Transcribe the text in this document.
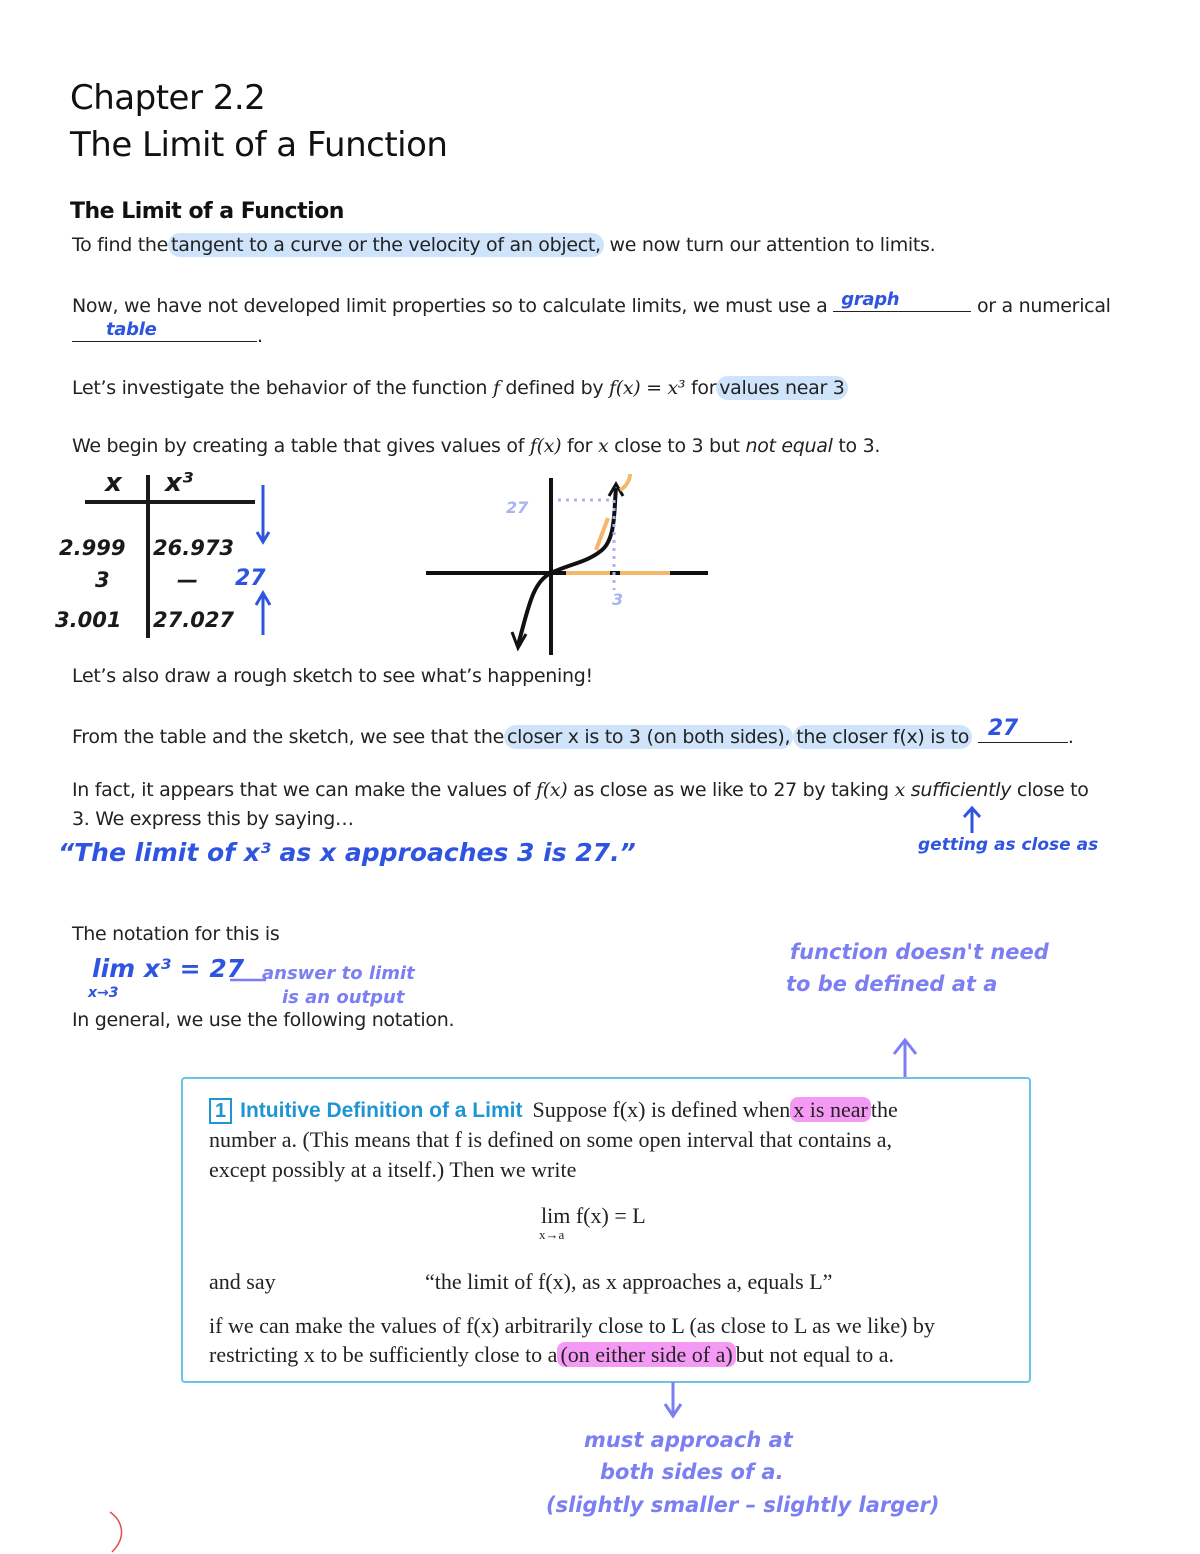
Chapter 2.2
The Limit of a Function
The Limit of a Function
To find the tangent to a curve or the velocity of an object, we now turn our attention to limits.
Now, we have not developed limit properties so to calculate limits, we must use a graph	or a numerical
table	.
Let’s investigate the behavior of the function f defined by f(x) = x³ for values near 3
We begin by creating a table that gives values of f(x) for x close to 3 but not equal to 3.
x x³
2.999 26.973
3	—
3.001 27.027
27
27
3
Let’s also draw a rough sketch to see what’s happening!
From the table and the sketch, we see that the closer x is to 3 (on both sides), the closer f(x) is to 27	.
In fact, it appears that we can make the values of f(x) as close as we like to 27 by taking x sufficiently close to
3. We express this by saying…
“The limit of x³ as x approaches 3 is 27.”	getting as close as
The notation for this is
lim x³ = 27
x→3
answer to limit
is an output
function doesn't need
to be defined at a
In general, we use the following notation.
1 Intuitive Definition of a Limit Suppose f(x) is defined when x is near the
number a. (This means that f is defined on some open interval that contains a,
except possibly at a itself.) Then we write
lim f(x) = L
x→a
and say	“the limit of f(x), as x approaches a, equals L”
if we can make the values of f(x) arbitrarily close to L (as close to L as we like) by
restricting x to be sufficiently close to a (on either side of a) but not equal to a.
must approach at
both sides of a.
(slightly smaller – slightly larger)
